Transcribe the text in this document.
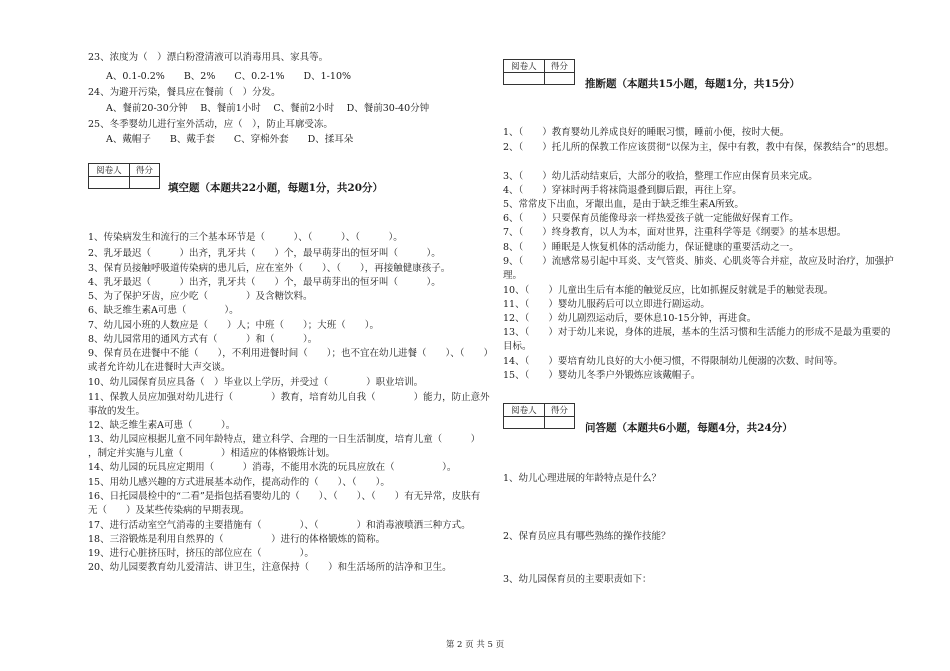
23、浓度为（　）漂白粉澄清液可以消毒用具、家具等。
A、0.1-0.2%　　B、2%　　C、0.2-1%　　D、1-10%
24、为避开污染，餐具应在餐前（　）分发。
A、餐前20-30分钟　 B、餐前1小时　 C、餐前2小时　 D、餐前30-40分钟
25、冬季婴幼儿进行室外活动，应（　），防止耳廓受冻。
A、戴帽子　　B、戴手套　　C、穿棉外套　　D、揉耳朵
阅卷人	得分

填空题（本题共22小题，每题1分，共20分）
1、传染病发生和流行的三个基本环节是（　　　）、（　　　）、（　　　）。
2、乳牙最迟（　　　）出齐，乳牙共（　　）个，最早萌芽出的恒牙叫（　　　）。
3、保育员接触呼吸道传染病的患儿后，应在室外（　　）、（　　），再接触健康孩子。
4、乳牙最迟（　　　）出齐，乳牙共（　　）个，最早萌芽出的恒牙叫（　　　）。
5、为了保护牙齿，应少吃（　　　　）及含糖饮料。
6、缺乏维生素A可患（　　　　）。
7、幼儿园小班的人数应是（　　）人；中班（　　）；大班（　　）。
8、幼儿园常用的通风方式有（　　　）和（　　　）。
9、保育员在进餐中不能（　　），不利用进餐时间（　　）；也不宜在幼儿进餐（　　）、（　　）
或者允许幼儿在进餐时大声交谈。
10、幼儿园保育员应具备（　）毕业以上学历，并受过（　　　　）职业培训。
11、保教人员应加强对幼儿进行（　　　　）教育，培育幼儿自我（　　　　）能力，防止意外
事故的发生。
12、缺乏维生素A可患（　　　）。
13、幼儿园应根据儿童不同年龄特点，建立科学、合理的一日生活制度，培育儿童（　　　）
，制定并实施与儿童（　　　　）相适应的体格锻炼计划。
14、幼儿园的玩具应定期用（　　　）消毒，不能用水洗的玩具应放在（　　　　　）。
15、用幼儿感兴趣的方式进展基本动作，提高动作的（　　）、（　　）。
16、日托园晨检中的“二看”是指包括看婴幼儿的（　　）、（　　）、（　　）有无异常，皮肤有
无（　　）及某些传染病的早期表现。
17、进行活动室空气消毒的主要措施有（　　　　）、（　　　　）和消毒液喷洒三种方式。
18、三浴锻炼是利用自然界的（　　　　　）进行的体格锻炼的简称。
19、进行心脏挤压时，挤压的部位应在（　　　　）。
20、幼儿园要教育幼儿爱清洁、讲卫生，注意保持（　　）和生活场所的洁净和卫生。
阅卷人	得分

推断题（本题共15小题，每题1分，共15分）
1、（　　）教育婴幼儿养成良好的睡眠习惯，睡前小便，按时大便。
2、（　　）托儿所的保教工作应该贯彻“以保为主，保中有教，教中有保，保教结合”的思想。
3、（　　）幼儿活动结束后，大部分的收拾，整理工作应由保育员来完成。
4、（　　）穿袜时两手将袜筒退叠到脚后跟，再往上穿。
5、常常皮下出血，牙龈出血，是由于缺乏维生素A所致。
6、（　　）只要保育员能像母亲一样热爱孩子就一定能做好保育工作。
7、（　　）终身教育，以人为本，面对世界，注重科学等是《纲要》的基本思想。
8、（　　）睡眠是人恢复机体的活动能力，保证健康的重要活动之一。
9、（　　）流感常易引起中耳炎、支气管炎、肺炎、心肌炎等合并症，故应及时治疗，加强护
理。
10、（　　）儿童出生后有本能的触觉反应，比如抓握反射就是手的触觉表现。
11、（　　）婴幼儿服药后可以立即进行剧运动。
12、（　　）幼儿剧烈运动后，要休息10-15分钟，再进食。
13、（　　）对于幼儿来说，身体的进展，基本的生活习惯和生活能力的形成不是最为重要的
目标。
14、（　　）要培育幼儿良好的大小便习惯，不得限制幼儿便溺的次数、时间等。
15、（　　）婴幼儿冬季户外锻炼应该戴帽子。
阅卷人	得分

问答题（本题共6小题，每题4分，共24分）
1、幼儿心理进展的年龄特点是什么？
2、保育员应具有哪些熟练的操作技能？
3、幼儿园保育员的主要职责如下：
第 2 页 共 5 页
